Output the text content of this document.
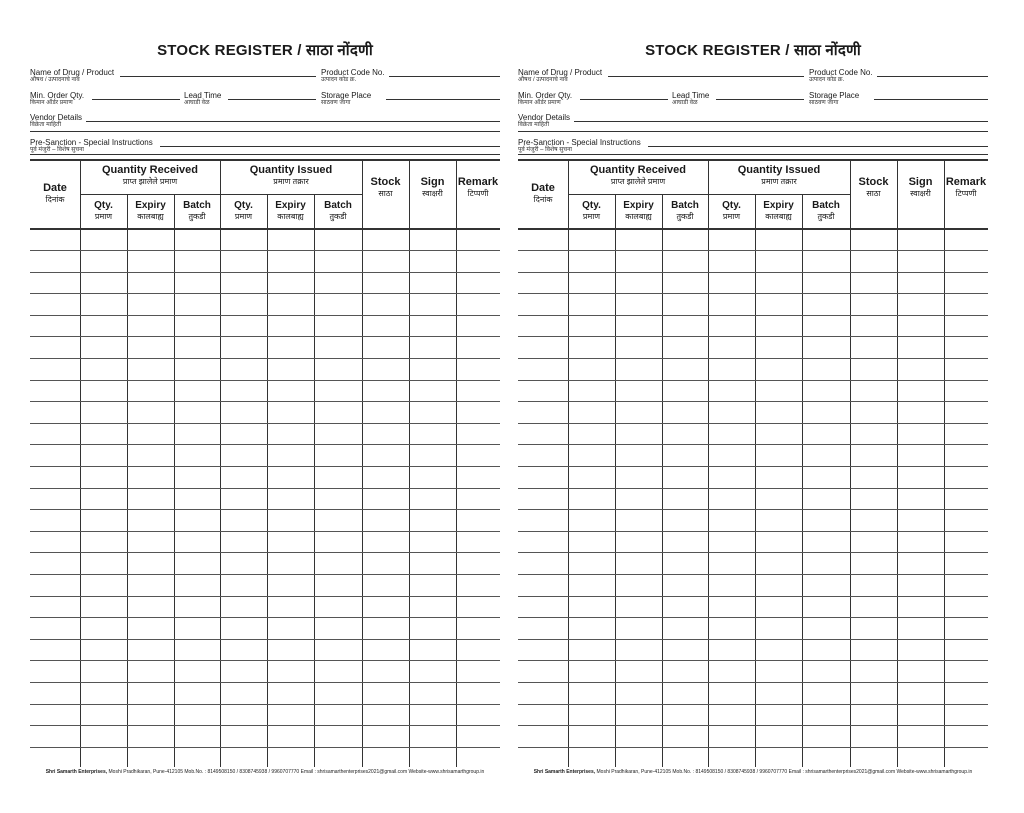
STOCK REGISTER / साठा नोंदणी
Name of Drug / Product
औषध / उत्पादनाचे नाव
Product Code No.
उत्पादन कोड क्र.
Min. Order Qty.
किमान ऑर्डर प्रमाण
Lead Time
आघाडी वेळ
Storage Place
साठवण जागा
Vendor Details
विक्रेता माहिती
Pre-Sanction - Special Instructions
पूर्व मंजुरी – विशेष सुचना
Date
दिनांक
Quantity Received
प्राप्त झालेले प्रमाण
Quantity Issued
प्रमाण तक्रार	Stock
साठा
Sign
स्वाक्षरी
Remark
टिप्पणी
Qty.
प्रमाण
Expiry
कालबाह्य
Batch
तुकडी
Qty.
प्रमाण
Expiry
कालबाह्य
Batch
तुकडी
Shri Samarth Enterprises, Moshi Pradhikaran, Pune-412105 Mob.No. : 8149508150 / 8308745938 / 9960707770 Email : shrisamarthenterprises2021@gmail.com Website-www.shrisamarthgroup.in
STOCK REGISTER / साठा नोंदणी
Name of Drug / Product
औषध / उत्पादनाचे नाव
Product Code No.
उत्पादन कोड क्र.
Min. Order Qty.
किमान ऑर्डर प्रमाण
Lead Time
आघाडी वेळ
Storage Place
साठवण जागा
Vendor Details
विक्रेता माहिती
Pre-Sanction - Special Instructions
पूर्व मंजुरी – विशेष सुचना
Date
दिनांक
Quantity Received
प्राप्त झालेले प्रमाण
Quantity Issued
प्रमाण तक्रार	Stock
साठा
Sign
स्वाक्षरी
Remark
टिप्पणी
Qty.
प्रमाण
Expiry
कालबाह्य
Batch
तुकडी
Qty.
प्रमाण
Expiry
कालबाह्य
Batch
तुकडी
Shri Samarth Enterprises, Moshi Pradhikaran, Pune-412105 Mob.No. : 8149508150 / 8308745938 / 9960707770 Email : shrisamarthenterprises2021@gmail.com Website-www.shrisamarthgroup.in
